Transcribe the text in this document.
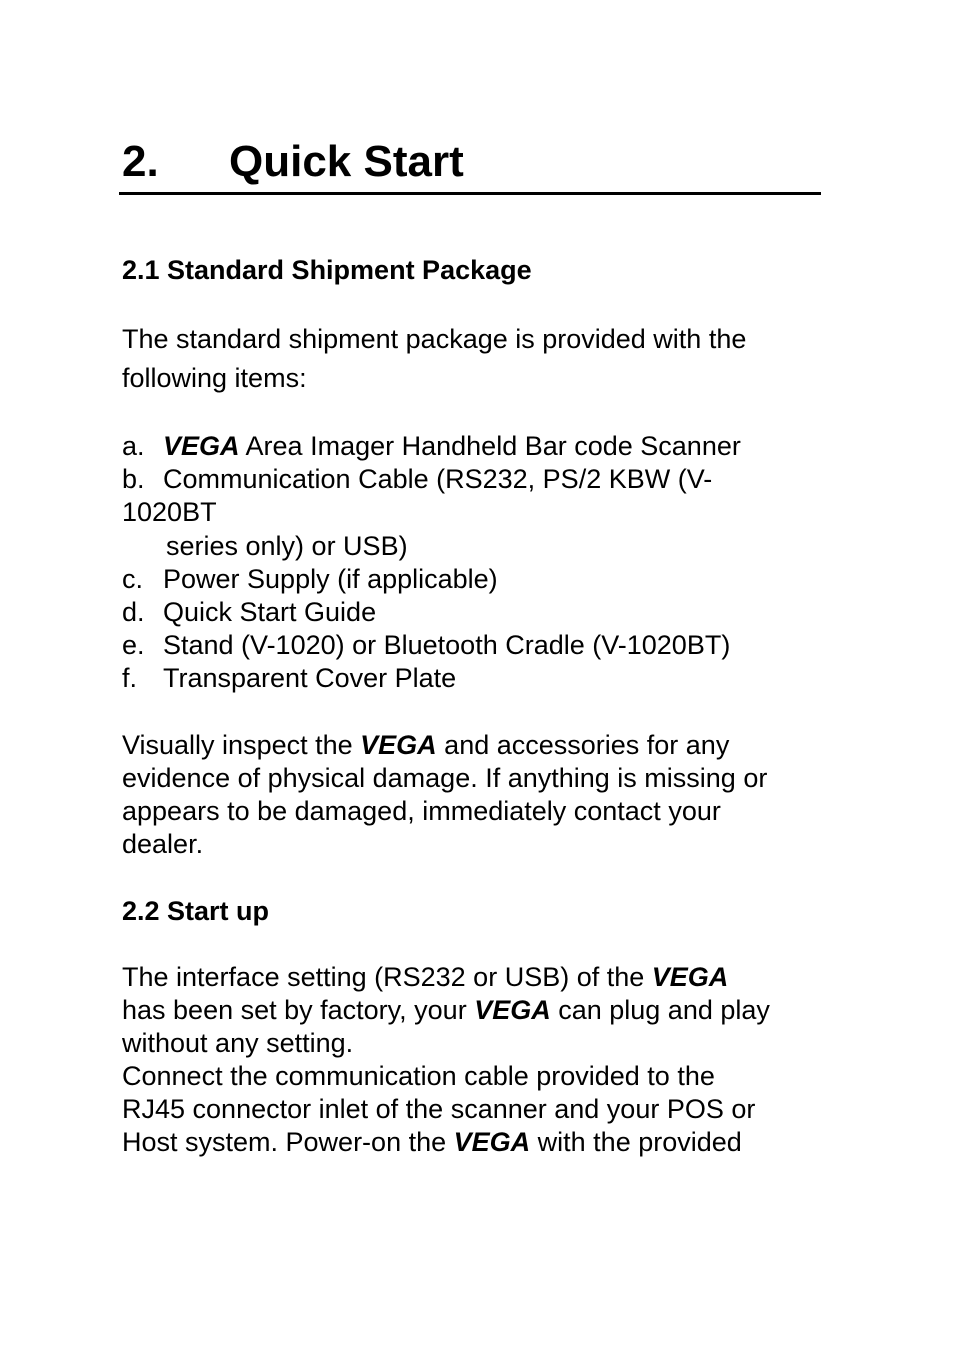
2. Quick Start
2.1 Standard Shipment Package

The standard shipment package is provided with the
following items:

a. VEGA Area Imager Handheld Bar code Scanner

b. Communication Cable (RS232, PS/2 KBW (V-

1020BT

series only) or USB)

c. Power Supply (if applicable)

d. Quick Start Guide

e. Stand (V-1020) or Bluetooth Cradle (V-1020BT)

f. Transparent Cover Plate

Visually inspect the VEGA and accessories for any
evidence of physical damage. If anything is missing or
appears to be damaged, immediately contact your
dealer.

2.2 Start up

The interface setting (RS232 or USB) of the VEGA
has been set by factory, your VEGA can plug and play
without any setting.
Connect the communication cable provided to the
RJ45 connector inlet of the scanner and your POS or
Host system. Power-on the VEGA with the provided
